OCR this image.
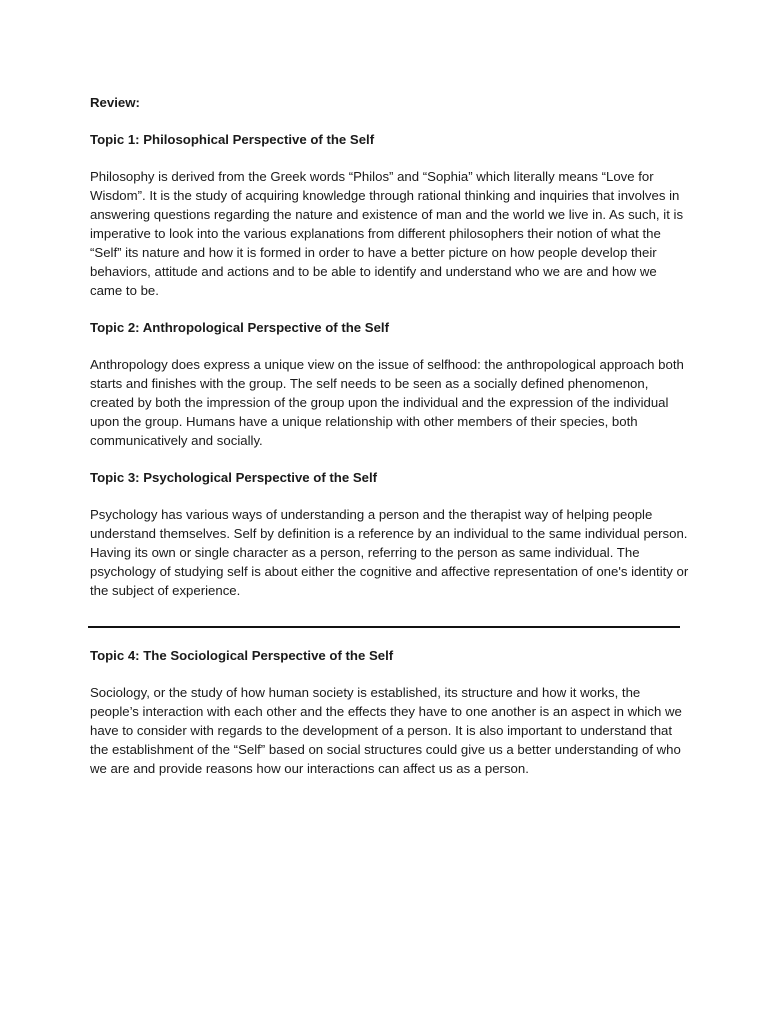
Review:

Topic 1: Philosophical Perspective of the Self

Philosophy is derived from the Greek words “Philos” and “Sophia” which literally means “Love for Wisdom”. It is the study of acquiring knowledge through rational thinking and inquiries that involves in answering questions regarding the nature and existence of man and the world we live in. As such, it is imperative to look into the various explanations from different philosophers their notion of what the “Self” its nature and how it is formed in order to have a better picture on how people develop their behaviors, attitude and actions and to be able to identify and understand who we are and how we came to be.

Topic 2: Anthropological Perspective of the Self

Anthropology does express a unique view on the issue of selfhood: the anthropological approach both starts and finishes with the group. The self needs to be seen as a socially defined phenomenon, created by both the impression of the group upon the individual and the expression of the individual upon the group. Humans have a unique relationship with other members of their species, both communicatively and socially.

Topic 3: Psychological Perspective of the Self

Psychology has various ways of understanding a person and the therapist way of helping people understand themselves. Self by definition is a reference by an individual to the same individual person. Having its own or single character as a person, referring to the person as same individual. The psychology of studying self is about either the cognitive and affective representation of one's identity or the subject of experience.

Topic 4: The Sociological Perspective of the Self

Sociology, or the study of how human society is established, its structure and how it works, the people’s interaction with each other and the effects they have to one another is an aspect in which we have to consider with regards to the development of a person. It is also important to understand that the establishment of the “Self” based on social structures could give us a better understanding of who we are and provide reasons how our interactions can affect us as a person.
